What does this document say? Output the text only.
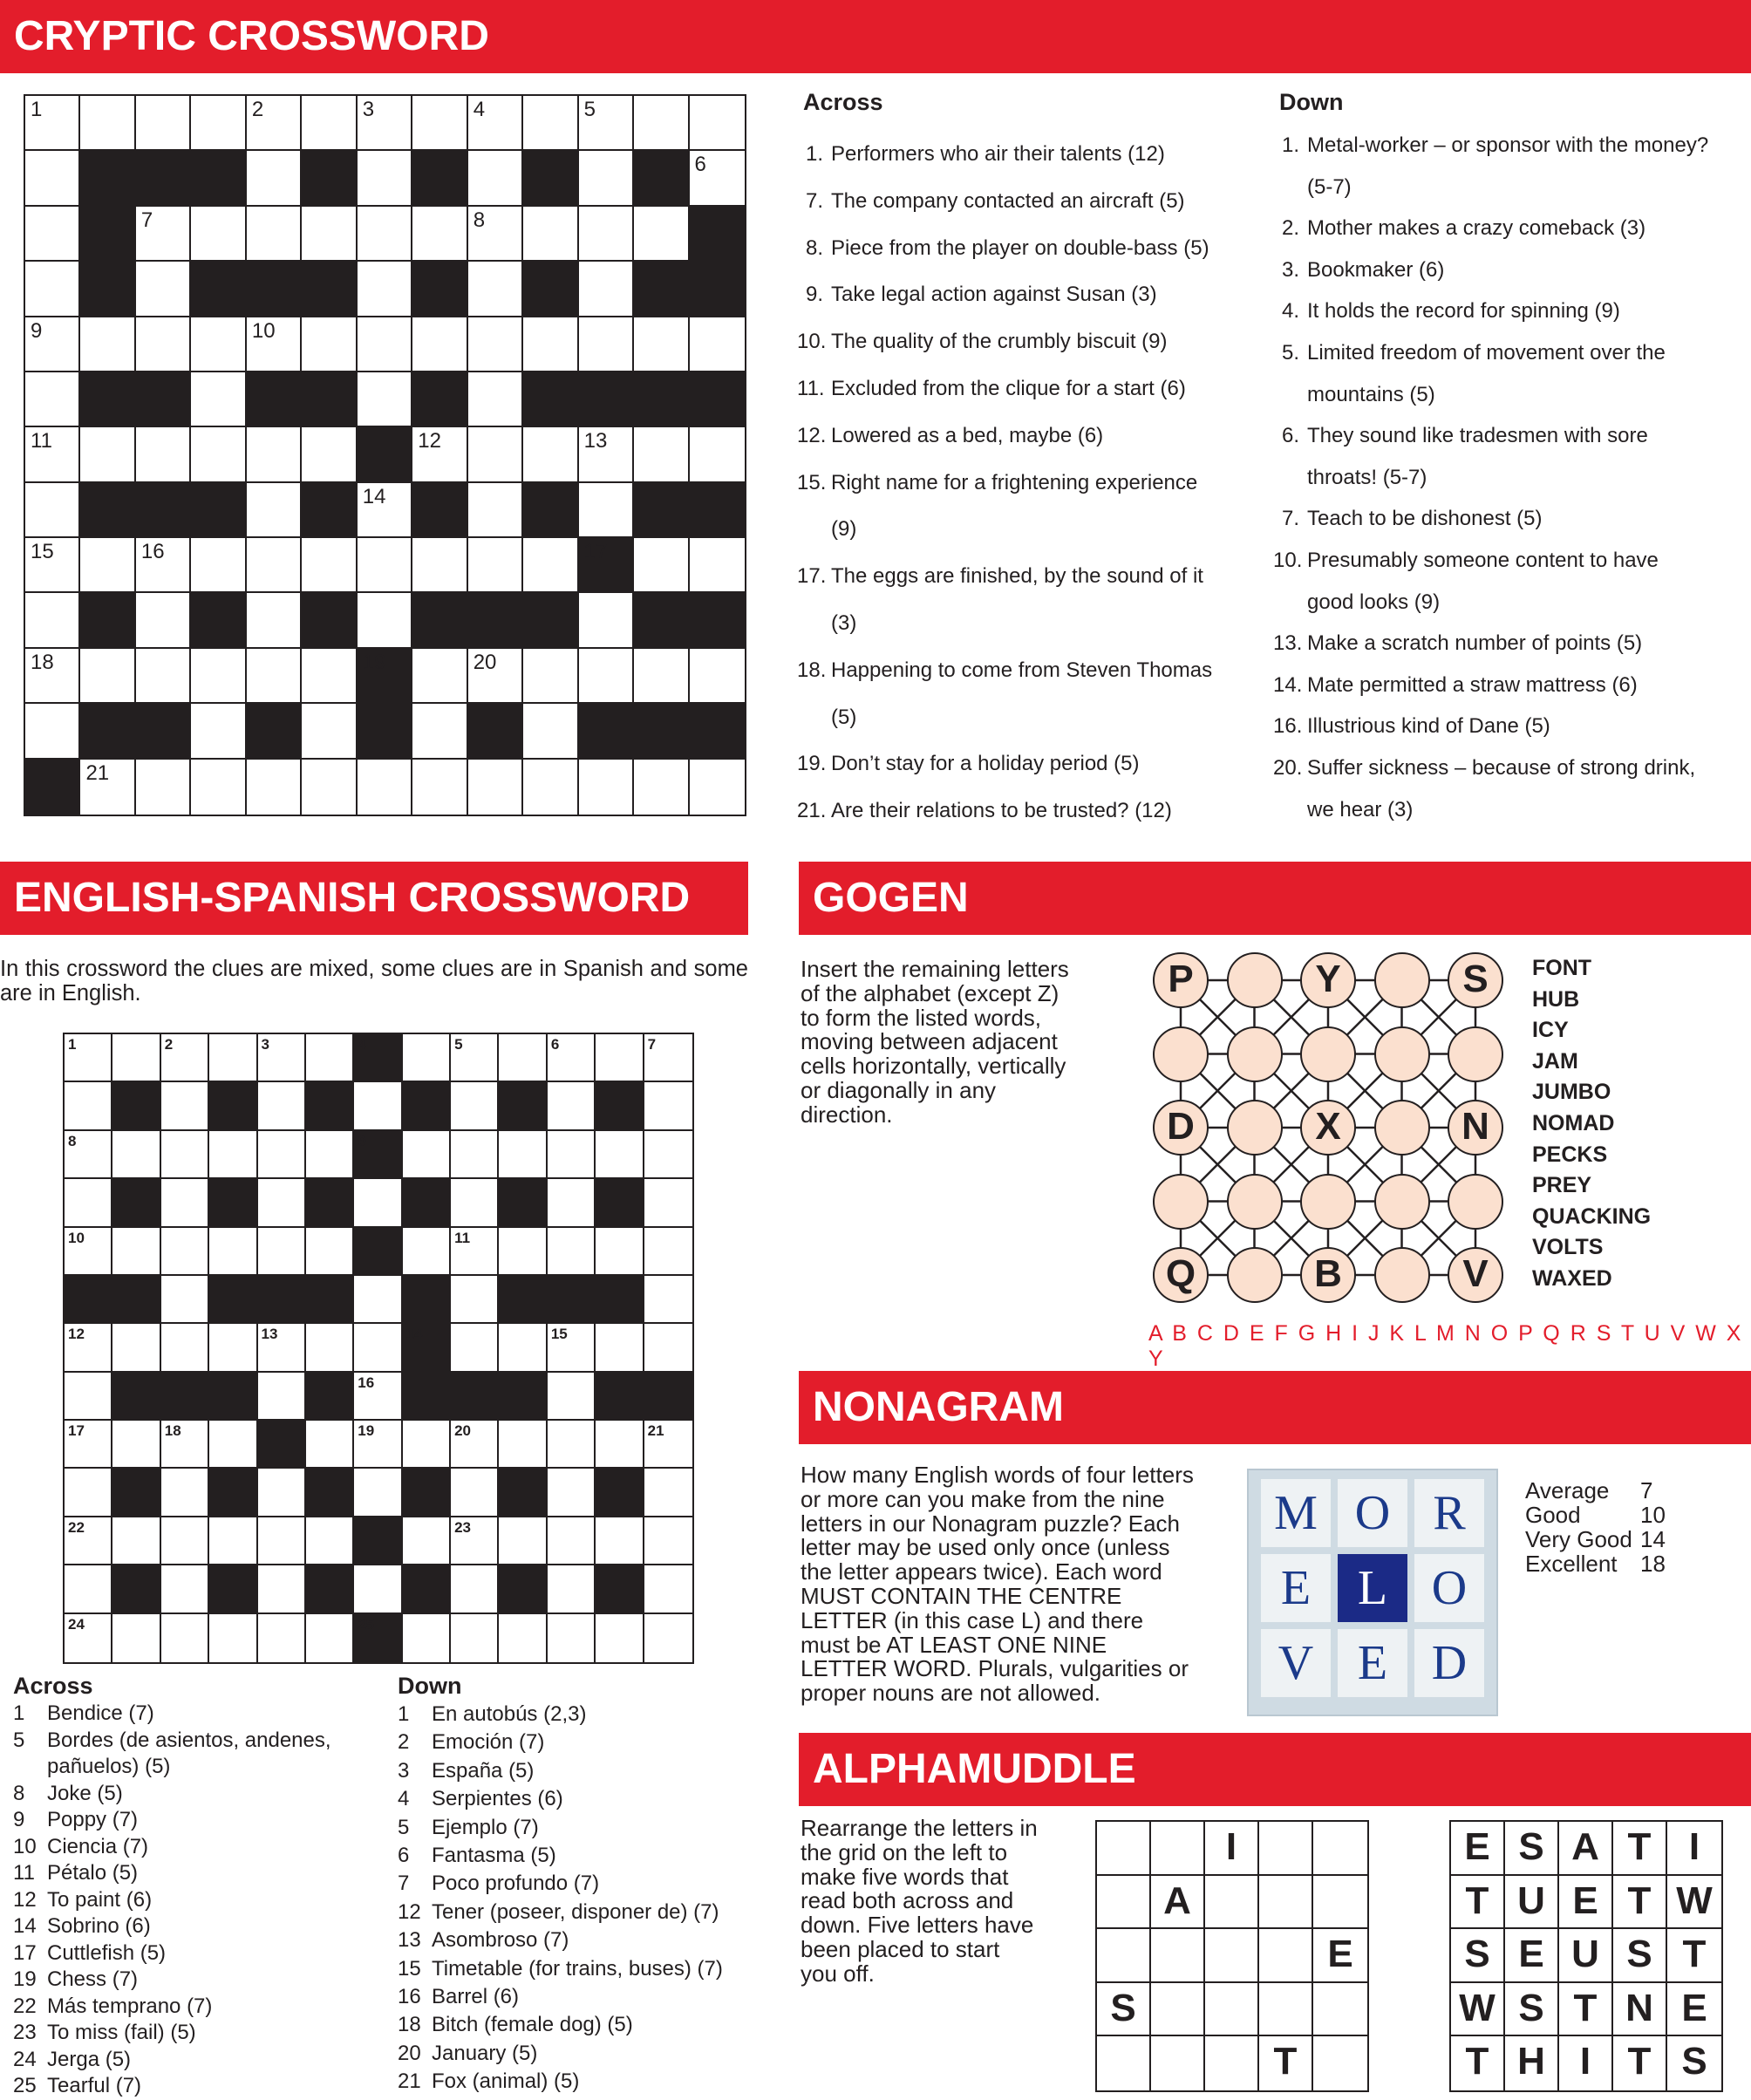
CRYPTIC CROSSWORD
1	2	3	4	5
6
7	8
9	10
11	12	13
14
15	16	17
18	19	20
21
Across
1. Performers who air their talents (12)
7. The company contacted an aircraft (5)
8. Piece from the player on double-bass (5)
9. Take legal action against Susan (3)
10. The quality of the crumbly biscuit (9)
11. Excluded from the clique for a start (6)
12. Lowered as a bed, maybe (6)
15. Right name for a frightening experience (9)
17. The eggs are finished, by the sound of it (3)
18. Happening to come from Steven Thomas (5)
19. Don’t stay for a holiday period (5)
21. Are their relations to be trusted? (12)
Down
1. Metal-worker – or sponsor with the money? (5-7)
2. Mother makes a crazy comeback (3)
3. Bookmaker (6)
4. It holds the record for spinning (9)
5. Limited freedom of movement over the mountains (5)
6. They sound like tradesmen with sore throats! (5-7)
7. Teach to be dishonest (5)
10. Presumably someone content to have good looks (9)
13. Make a scratch number of points (5)
14. Mate permitted a straw mattress (6)
16. Illustrious kind of Dane (5)
20. Suffer sickness – because of strong drink, we hear (3)
ENGLISH-SPANISH CROSSWORD
In this crossword the clues are mixed, some clues are in Spanish and some are in English.
1	2	3	4	5	6	7
8	9
10	11
12	13	14	15
16
17	18	19	20	21
22	23
24	25
Across
1	Bendice (7)
5	Bordes (de asientos, andenes, pañuelos) (5)
8	Joke (5)
9	Poppy (7)
10 Ciencia (7)
11 Pétalo (5)
12 To paint (6)
14 Sobrino (6)
17 Cuttlefish (5)
19 Chess (7)
22 Más temprano (7)
23 To miss (fail) (5)
24 Jerga (5)
25 Tearful (7)
Down
1	En autobús (2,3)
2	Emoción (7)
3	España (5)
4	Serpientes (6)
5	Ejemplo (7)
6	Fantasma (5)
7	Poco profundo (7)
12 Tener (poseer, disponer de) (7)
13 Asombroso (7)
15 Timetable (for trains, buses) (7)
16 Barrel (6)
18 Bitch (female dog) (5)
20 January (5)
21 Fox (animal) (5)
GOGEN
Insert the remaining letters of the alphabet (except Z) to form the listed words, moving between adjacent cells horizontally, vertically or diagonally in any direction.
P	Y	S
D	X	N
Q	B	V
FONT
HUB
ICY
JAM
JUMBO
NOMAD
PECKS
PREY
QUACKING
VOLTS
WAXED
A B C D E F G H I J K L M N O P Q R S T U V W X Y
NONAGRAM
How many English words of four letters or more can you make from the nine letters in our Nonagram puzzle? Each letter may be used only once (unless the letter appears twice). Each word MUST CONTAIN THE CENTRE LETTER (in this case L) and there must be AT LEAST ONE NINE LETTER WORD. Plurals, vulgarities or proper nouns are not allowed.
M O R
E L O
V E D
Average	7
Good	10
Very Good 14
Excellent	18
ALPHAMUDDLE
Rearrange the letters in the grid on the left to make five words that read both across and down. Five letters have been placed to start you off.
I
A
E
S
T
E S A T I
T U E T W
S E U S T
W S T N E
T H I T S
